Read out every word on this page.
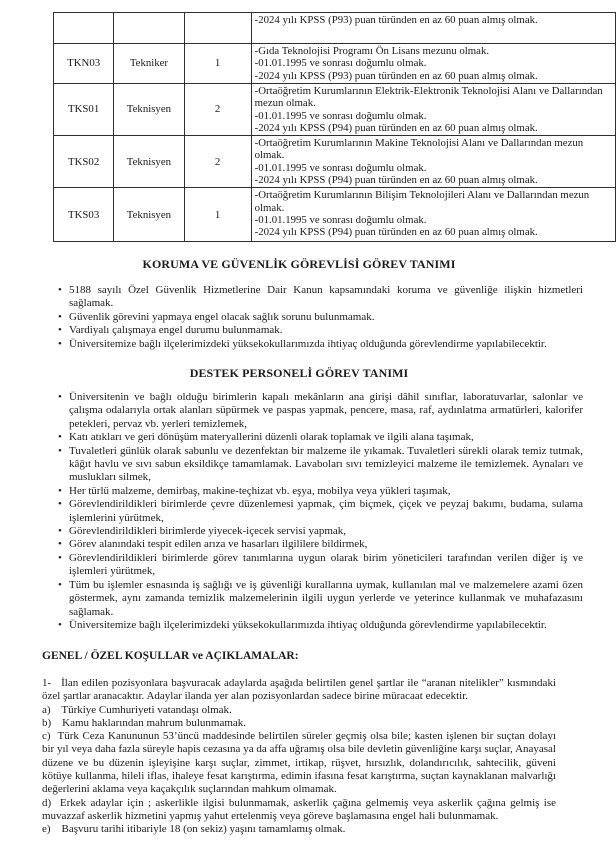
			-2024 yılı KPSS (P93) puan türünden en az 60 puan almış olmak.

TKN03	Tekniker	1	-Gıda Teknolojisi Programı Ön Lisans mezunu olmak.
-01.01.1995 ve sonrası doğumlu olmak.
-2024 yılı KPSS (P93) puan türünden en az 60 puan almış olmak.

TKS01	Teknisyen	2	-Ortaöğretim Kurumlarının Elektrik-Elektronik Teknolojisi Alanı ve Dallarından mezun olmak.
-01.01.1995 ve sonrası doğumlu olmak.
-2024 yılı KPSS (P94) puan türünden en az 60 puan almış olmak.

TKS02	Teknisyen	2	-Ortaöğretim Kurumlarının Makine Teknolojisi Alanı ve Dallarından mezun olmak.
-01.01.1995 ve sonrası doğumlu olmak.
-2024 yılı KPSS (P94) puan türünden en az 60 puan almış olmak.

TKS03	Teknisyen	1	-Ortaöğretim Kurumlarının Bilişim Teknolojileri Alanı ve Dallarından mezun olmak.
-01.01.1995 ve sonrası doğumlu olmak.
-2024 yılı KPSS (P94) puan türünden en az 60 puan almış olmak.
KORUMA VE GÜVENLİK GÖREVLİSİ GÖREV TANIMI
• 5188 sayılı Özel Güvenlik Hizmetlerine Dair Kanun kapsamındaki koruma ve güvenliğe ilişkin hizmetleri sağlamak.
• Güvenlik görevini yapmaya engel olacak sağlık sorunu bulunmamak.
• Vardiyalı çalışmaya engel durumu bulunmamak.
• Üniversitemize bağlı ilçelerimizdeki yüksekokullarımızda ihtiyaç olduğunda görevlendirme yapılabilecektir.
DESTEK PERSONELİ GÖREV TANIMI
• Üniversitenin ve bağlı olduğu birimlerin kapalı mekânların ana girişi dâhil sınıflar, laboratuvarlar, salonlar ve çalışma odalarıyla ortak alanları süpürmek ve paspas yapmak, pencere, masa, raf, aydınlatma armatürleri, kalorifer petekleri, pervaz vb. yerleri temizlemek,
• Katı atıkları ve geri dönüşüm materyallerini düzenli olarak toplamak ve ilgili alana taşımak,
• Tuvaletleri günlük olarak sabunlu ve dezenfektan bir malzeme ile yıkamak. Tuvaletleri sürekli olarak temiz tutmak, kâğıt havlu ve sıvı sabun eksildikçe tamamlamak. Lavaboları sıvı temizleyici malzeme ile temizlemek. Aynaları ve muslukları silmek,
• Her türlü malzeme, demirbaş, makine-teçhizat vb. eşya, mobilya veya yükleri taşımak,
• Görevlendirildikleri birimlerde çevre düzenlemesi yapmak, çim biçmek, çiçek ve peyzaj bakımı, budama, sulama işlemlerini yürütmek,
• Görevlendirildikleri birimlerde yiyecek-içecek servisi yapmak,
• Görev alanındaki tespit edilen arıza ve hasarları ilgililere bildirmek,
• Görevlendirildikleri birimlerde görev tanımlarına uygun olarak birim yöneticileri tarafından verilen diğer iş ve işlemleri yürütmek,
• Tüm bu işlemler esnasında iş sağlığı ve iş güvenliği kurallarına uymak, kullanılan mal ve malzemelere azami özen göstermek, aynı zamanda temizlik malzemelerinin ilgili uygun yerlerde ve yeterince kullanmak ve muhafazasını sağlamak.
• Üniversitemize bağlı ilçelerimizdeki yüksekokullarımızda ihtiyaç olduğunda görevlendirme yapılabilecektir.
GENEL / ÖZEL KOŞULLAR ve AÇIKLAMALAR:

1-   İlan edilen pozisyonlara başvuracak adaylarda aşağıda belirtilen genel şartlar ile “aranan nitelikler” kısmındaki özel şartlar aranacaktır. Adaylar ilanda yer alan pozisyonlardan sadece birine müracaat edecektir.

a)    Türkiye Cumhuriyeti vatandaşı olmak.

b)    Kamu haklarından mahrum bulunmamak.

c)  Türk Ceza Kanununun 53’üncü maddesinde belirtilen süreler geçmiş olsa bile; kasten işlenen bir suçtan dolayı bir yıl veya daha fazla süreyle hapis cezasına ya da affa uğramış olsa bile devletin güvenliğine karşı suçlar, Anayasal düzene ve bu düzenin işleyişine karşı suçlar, zimmet, irtikap, rüşvet, hırsızlık, dolandırıcılık, sahtecilik, güveni kötüye kullanma, hileli iflas, ihaleye fesat karıştırma, edimin ifasına fesat karıştırma, suçtan kaynaklanan malvarlığı değerlerini aklama veya kaçakçılık suçlarından mahkum olmamak.

d)  Erkek adaylar için ; askerlikle ilgisi bulunmamak, askerlik çağına gelmemiş veya askerlik çağına gelmiş ise muvazzaf askerlik hizmetini yapmış yahut ertelenmiş veya göreve başlamasına engel hali bulunmamak.

e)    Başvuru tarihi itibariyle 18 (on sekiz) yaşını tamamlamış olmak.
